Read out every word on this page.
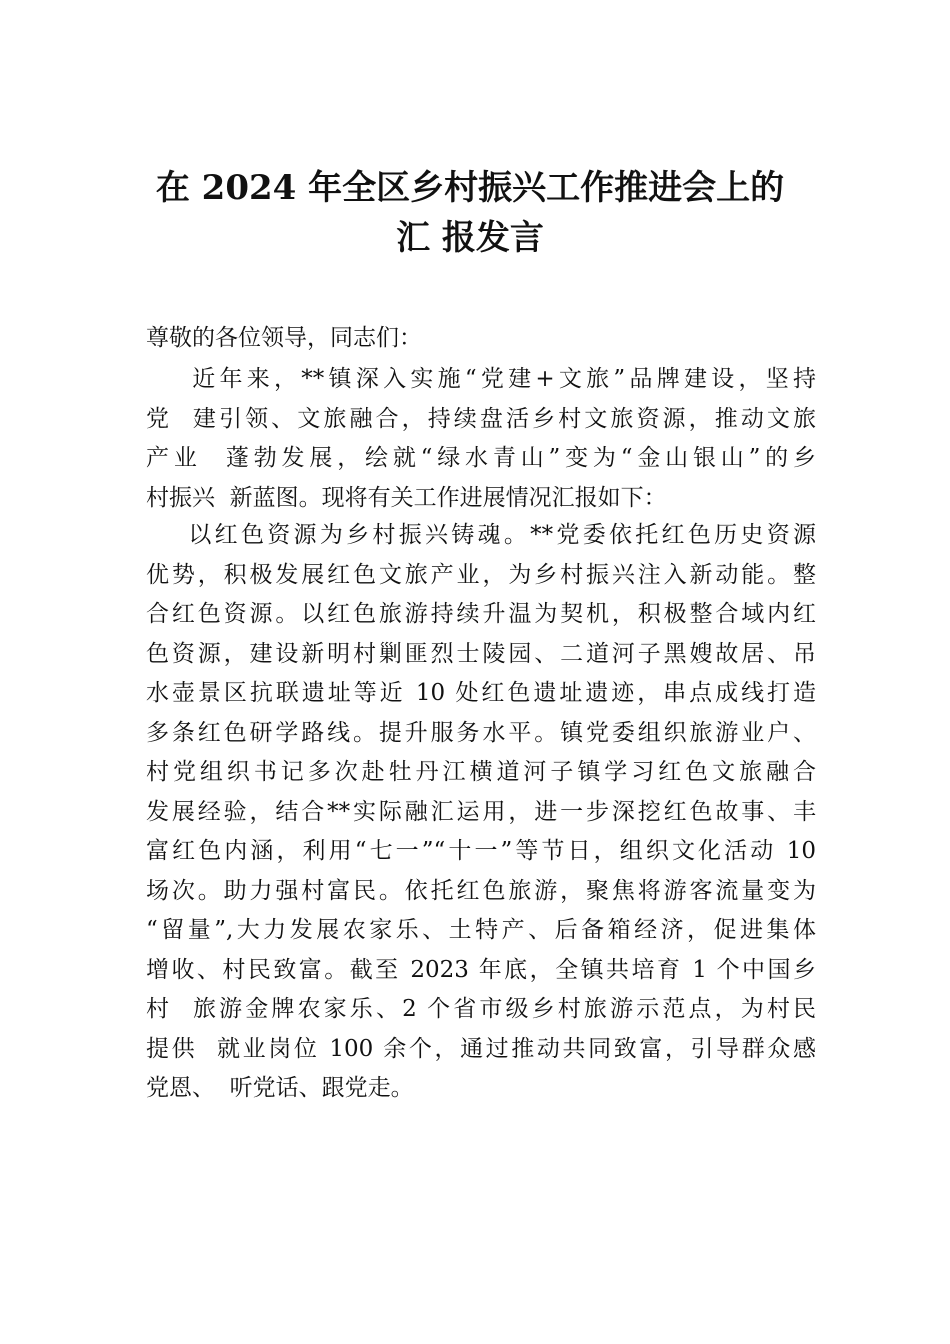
在 2024 年全区乡村振兴工作推进会上的
汇 报发言
尊敬的各位领导，同志们：
近年来，**镇深入实施“党建+文旅”品牌建设，坚持
党  建引领、文旅融合，持续盘活乡村文旅资源，推动文旅
产业  蓬勃发展，绘就“绿水青山”变为“金山银山”的乡
村振兴  新蓝图。现将有关工作进展情况汇报如下：
以红色资源为乡村振兴铸魂。**党委依托红色历史资源
优势，积极发展红色文旅产业，为乡村振兴注入新动能。整
合红色资源。以红色旅游持续升温为契机，积极整合域内红
色资源，建设新明村剿匪烈士陵园、二道河子黑嫂故居、吊
水壶景区抗联遗址等近 10 处红色遗址遗迹，串点成线打造
多条红色研学路线。提升服务水平。镇党委组织旅游业户、
村党组织书记多次赴牡丹江横道河子镇学习红色文旅融合
发展经验，结合**实际融汇运用，进一步深挖红色故事、丰
富红色内涵，利用“七一”“十一”等节日，组织文化活动 10
场次。助力强村富民。依托红色旅游，聚焦将游客流量变为
“留量”,大力发展农家乐、土特产、后备箱经济，促进集体
增收、村民致富。截至 2023 年底，全镇共培育 1 个中国乡
村  旅游金牌农家乐、2 个省市级乡村旅游示范点，为村民
提供  就业岗位 100 余个，通过推动共同致富，引导群众感
党恩、  听党话、跟党走。
